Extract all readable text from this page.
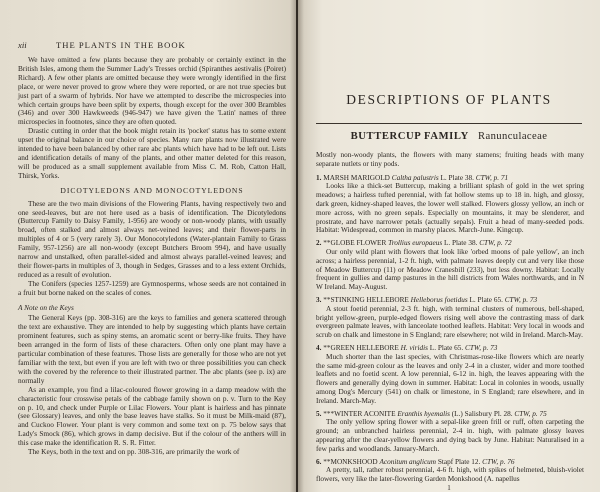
xii	THE PLANTS IN THE BOOK

We have omitted a few plants because they are probably or certainly extinct in the British Isles, among them the Summer Lady's Tresses orchid (Spiranthes aestivalis (Poiret) Richard). A few other plants are omitted because they were wrongly identified in the first place, or were never proved to grow where they were reported, or are not true species but just part of a swarm of hybrids. Nor have we attempted to describe the microspecies into which certain groups have been split by experts, though except for the over 300 Brambles (346) and over 300 Hawkweeds (946-947) we have given the 'Latin' names of three microspecies in footnotes, since they are often quoted.

Drastic cutting in order that the book might retain its 'pocket' status has to some extent upset the original balance in our choice of species. Many rare plants now illustrated were intended to have been balanced by other rare abc plants which have had to be left out. Lists and identification details of many of the plants, and other matter deleted for this reason, will be produced as a small supplement available from Miss C. M. Rob, Catton Hall, Thirsk, Yorks.

DICOTYLEDONS AND MONOCOTYLEDONS

These are the two main divisions of the Flowering Plants, having respectively two and one seed-leaves, but are not here used as a basis of identification. The Dicotyledons (Buttercup Family to Daisy Family, 1-956) are woody or non-woody plants, with usually broad, often stalked and almost always net-veined leaves; and their flower-parts in multiples of 4 or 5 (very rarely 3). Our Monocotyledons (Water-plantain Family to Grass Family, 957-1256) are all non-woody (except Butchers Broom 994), and have usually narrow and unstalked, often parallel-sided and almost always parallel-veined leaves; and their flower-parts in multiples of 3, though in Sedges, Grasses and to a less extent Orchids, reduced as a result of evolution.

The Conifers (species 1257-1259) are Gymnosperms, whose seeds are not contained in a fruit but borne naked on the scales of cones.

A Note on the Keys

The General Keys (pp. 308-316) are the keys to families and genera scattered through the text are exhaustive. They are intended to help by suggesting which plants have certain prominent features, such as spiny stems, an aromatic scent or berry-like fruits. They have been arranged in the form of lists of these characters. Often only one plant may have a particular combination of these features. Those lists are generally for those who are not yet familiar with the text, but even if you are left with two or three possibilities you can check with the covered by the reference to their illustrated partner. The abc plants (see p. ix) are normally

As an example, you find a lilac-coloured flower growing in a damp meadow with the characteristic four crosswise petals of the cabbage family shown on p. v. Turn to the Key on p. 10, and check under Purple or Lilac Flowers. Your plant is hairless and has pinnate (see Glossary) leaves, and only the base leaves have stalks. So it must be Milk-maid (87), and Cuckoo Flower. Your plant is very common and some text on p. 75 below says that Lady's Smock (86), which grows in damp decisive. But if the colour of the anthers will in this case make the identification R. S. R. Fitter.

The Keys, both in the text and on pp. 308-316, are primarily the work of

DESCRIPTIONS OF PLANTS
BUTTERCUP FAMILY Ranunculaceae

Mostly non-woody plants, the flowers with many stamens; fruiting heads with many separate nutlets or tiny pods.

1. MARSH MARIGOLD Caltha palustris L. Plate 38. CTW, p. 71

Looks like a thick-set Buttercup, making a brilliant splash of gold in the wet spring meadows; a hairless tufted perennial, with fat hollow stems up to 18 in. high, and glossy, dark green, kidney-shaped leaves, the lower well stalked. Flowers glossy yellow, an inch or more across, with no green sepals. Especially on mountains, it may be slenderer, and prostrate, and have narrower petals (actually sepals). Fruit a head of many-seeded pods. Habitat: Widespread, common in marshy places. March-June. Kingcup.

2. **GLOBE FLOWER Trollius europaeus L. Plate 38. CTW, p. 72

Our only wild plant with flowers that look like 'orbed moons of pale yellow', an inch across; a hairless perennial, 1-2 ft. high, with palmate leaves deeply cut and very like those of Meadow Buttercup (11) or Meadow Cranesbill (233), but less downy. Habitat: Locally frequent in gullies and damp pastures in the hill districts from Wales northwards, and in N W Ireland. May-August.

3. **STINKING HELLEBORE Helleborus foetidus L. Plate 65. CTW, p. 73

A stout foetid perennial, 2-3 ft. high, with terminal clusters of numerous, bell-shaped, bright yellow-green, purple-edged flowers rising well above the contrasting mass of dark evergreen palmate leaves, with lanceolate toothed leaflets. Habitat: Very local in woods and scrub on chalk and limestone in S England; rare elsewhere; not wild in Ireland. March-May.

4. **GREEN HELLEBORE H. viridis L. Plate 65. CTW, p. 73

Much shorter than the last species, with Christmas-rose-like flowers which are nearly the same mid-green colour as the leaves and only 2-4 in a cluster, wider and more toothed leaflets and no foetid scent. A low perennial, 6-12 in. high, the leaves appearing with the flowers and generally dying down in summer. Habitat: Local in colonies in woods, usually among Dog's Mercury (541) on chalk or limestone, in S England; rare elsewhere, and in Ireland. March-May.

5. ***WINTER ACONITE Eranthis hyemalis (L.) Salisbury Pl. 28. CTW, p. 75

The only yellow spring flower with a sepal-like green frill or ruff, often carpeting the ground; an unbranched hairless perennial, 2-4 in. high, with palmate glossy leaves appearing after the clear-yellow flowers and dying back by June. Habitat: Naturalised in a few parks and woodlands. January-March.

6. **MONKSHOOD Aconitum anglicum Stapf Plate 12. CTW, p. 76

A pretty, tall, rather robust perennial, 4-6 ft. high, with spikes of helmeted, bluish-violet flowers, very like the later-flowering Garden Monkshood (A. napellus

1
